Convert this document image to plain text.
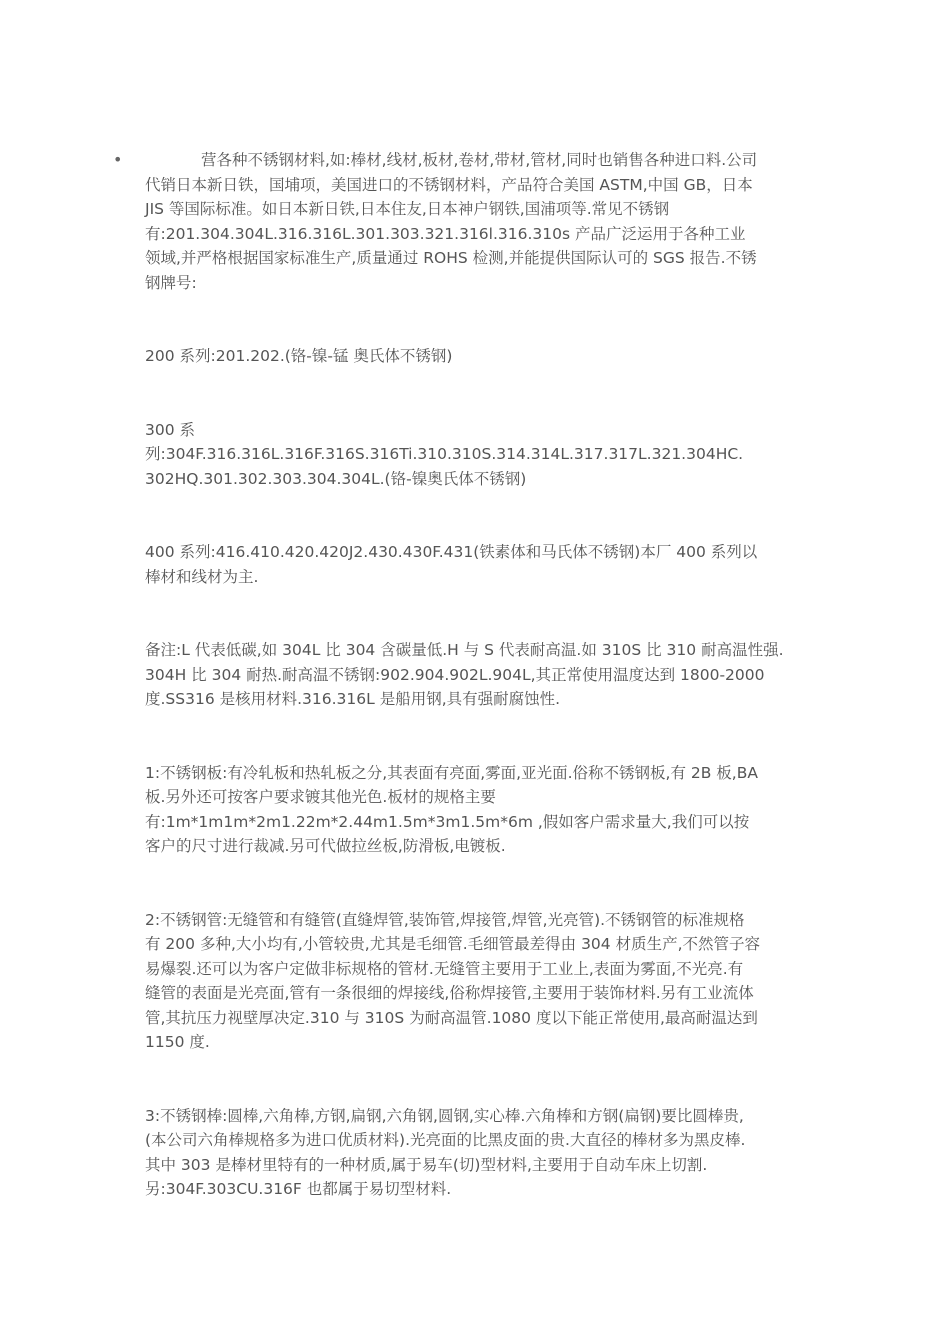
•	营各种不锈钢材料,如:棒材,线材,板材,卷材,带材,管材,同时也销售各种进口料.公司
代销日本新日铁，国埔项，美国进口的不锈钢材料，产品符合美国 ASTM,中国 GB，日本
JIS 等国际标准。如日本新日铁,日本住友,日本神户钢铁,国浦项等.常见不锈钢
有:201.304.304L.316.316L.301.303.321.316l.316.310s 产品广泛运用于各种工业
领域,并严格根据国家标准生产,质量通过 ROHS 检测,并能提供国际认可的 SGS 报告.不锈
钢牌号:

200 系列:201.202.(铬-镍-锰 奥氏体不锈钢)

300 系
列:304F.316.316L.316F.316S.316Ti.310.310S.314.314L.317.317L.321.304HC.
302HQ.301.302.303.304.304L.(铬-镍奥氏体不锈钢)

400 系列:416.410.420.420J2.430.430F.431(铁素体和马氏体不锈钢)本厂 400 系列以
棒材和线材为主.

备注:L 代表低碳,如 304L 比 304 含碳量低.H 与 S 代表耐高温.如 310S 比 310 耐高温性强.
304H 比 304 耐热.耐高温不锈钢:902.904.902L.904L,其正常使用温度达到 1800-2000
度.SS316 是核用材料.316.316L 是船用钢,具有强耐腐蚀性.

1:不锈钢板:有冷轧板和热轧板之分,其表面有亮面,雾面,亚光面.俗称不锈钢板,有 2B 板,BA
板.另外还可按客户要求镀其他光色.板材的规格主要
有:1m*1m1m*2m1.22m*2.44m1.5m*3m1.5m*6m ,假如客户需求量大,我们可以按
客户的尺寸进行裁减.另可代做拉丝板,防滑板,电镀板.

2:不锈钢管:无缝管和有缝管(直缝焊管,装饰管,焊接管,焊管,光亮管).不锈钢管的标准规格
有 200 多种,大小均有,小管较贵,尤其是毛细管.毛细管最差得由 304 材质生产,不然管子容
易爆裂.还可以为客户定做非标规格的管材.无缝管主要用于工业上,表面为雾面,不光亮.有
缝管的表面是光亮面,管有一条很细的焊接线,俗称焊接管,主要用于装饰材料.另有工业流体
管,其抗压力视壁厚决定.310 与 310S 为耐高温管.1080 度以下能正常使用,最高耐温达到
1150 度.

3:不锈钢棒:圆棒,六角棒,方钢,扁钢,六角钢,圆钢,实心棒.六角棒和方钢(扁钢)要比圆棒贵,
(本公司六角棒规格多为进口优质材料).光亮面的比黑皮面的贵.大直径的棒材多为黑皮棒.
其中 303 是棒材里特有的一种材质,属于易车(切)型材料,主要用于自动车床上切割.
另:304F.303CU.316F 也都属于易切型材料.
